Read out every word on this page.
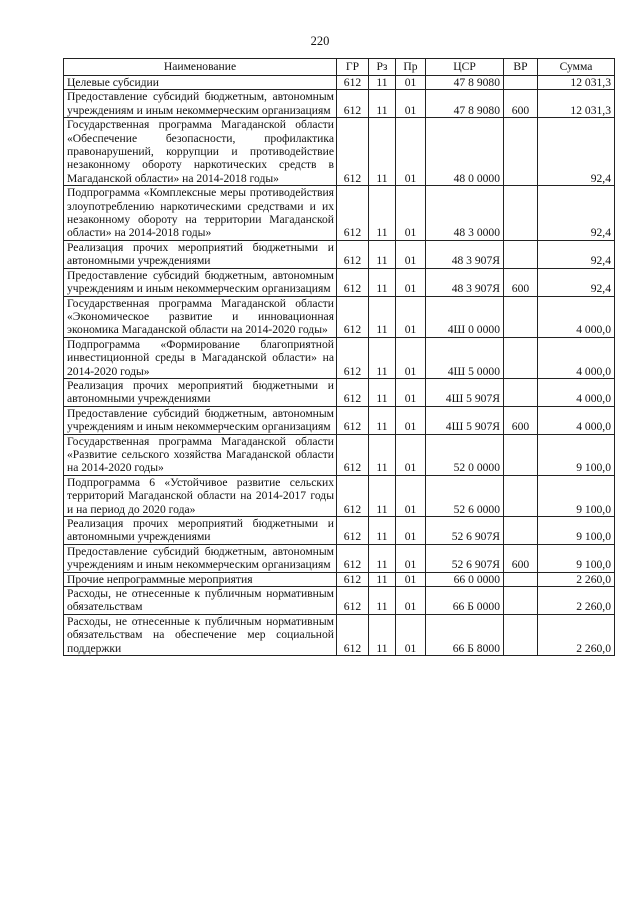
220
Наименование	ГР	Рз	Пр	ЦСР	ВР	Сумма
Целевые субсидии	612	11	01	47 8 9080		12 031,3
Предоставление субсидий бюджетным, автономным учреждениям и иным некоммерческим организациям	612	11	01	47 8 9080	600	12 031,3
Государственная программа Магаданской области «Обеспечение безопасности, профилактика правонарушений, коррупции и противодействие незаконному обороту наркотических средств в Магаданской области» на 2014-2018 годы»	612	11	01	48 0 0000		92,4
Подпрограмма «Комплексные меры противодействия злоупотреблению наркотическими средствами и их незаконному обороту на территории Магаданской области» на 2014-2018 годы»	612	11	01	48 3 0000		92,4
Реализация прочих мероприятий бюджетными и автономными учреждениями	612	11	01	48 3 907Я		92,4
Предоставление субсидий бюджетным, автономным учреждениям и иным некоммерческим организациям	612	11	01	48 3 907Я	600	92,4
Государственная программа Магаданской области «Экономическое развитие и инновационная экономика Магаданской области на 2014-2020 годы»	612	11	01	4Ш 0 0000		4 000,0
Подпрограмма «Формирование благоприятной инвестиционной среды в Магаданской области» на 2014-2020 годы»	612	11	01	4Ш 5 0000		4 000,0
Реализация прочих мероприятий бюджетными и автономными учреждениями	612	11	01	4Ш 5 907Я		4 000,0
Предоставление субсидий бюджетным, автономным учреждениям и иным некоммерческим организациям	612	11	01	4Ш 5 907Я	600	4 000,0
Государственная программа Магаданской области «Развитие сельского хозяйства Магаданской области на 2014-2020 годы»	612	11	01	52 0 0000		9 100,0
Подпрограмма 6 «Устойчивое развитие сельских территорий Магаданской области на 2014-2017 годы и на период до 2020 года»	612	11	01	52 6 0000		9 100,0
Реализация прочих мероприятий бюджетными и автономными учреждениями	612	11	01	52 6 907Я		9 100,0
Предоставление субсидий бюджетным, автономным учреждениям и иным некоммерческим организациям	612	11	01	52 6 907Я	600	9 100,0
Прочие непрограммные мероприятия	612	11	01	66 0 0000		2 260,0
Расходы, не отнесенные к публичным нормативным обязательствам	612	11	01	66 Б 0000		2 260,0
Расходы, не отнесенные к публичным нормативным обязательствам на обеспечение мер социальной поддержки	612	11	01	66 Б 8000		2 260,0
